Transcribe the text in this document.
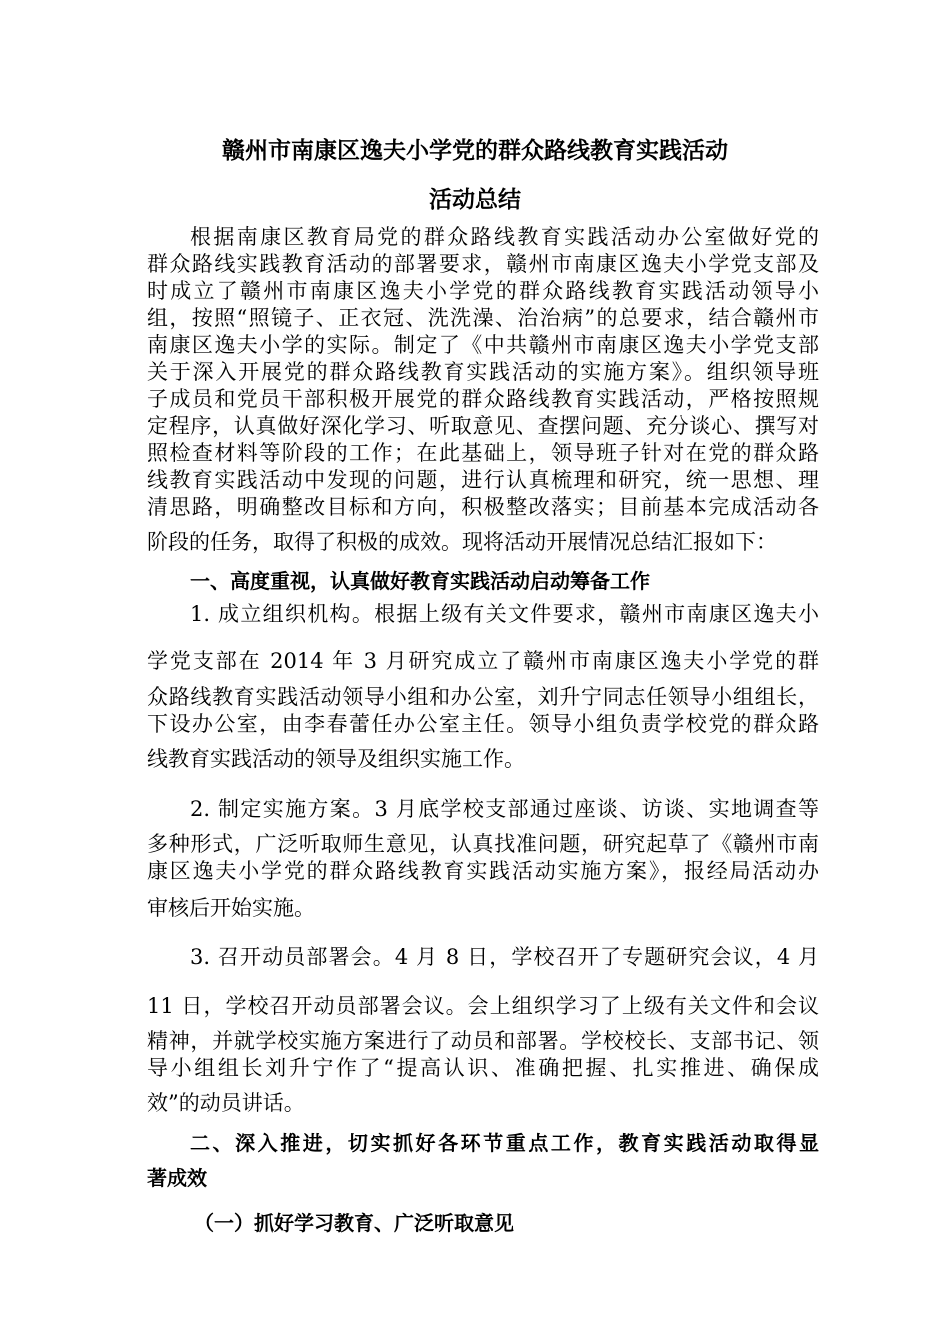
赣州市南康区逸夫小学党的群众路线教育实践活动
活动总结
根据南康区教育局党的群众路线教育实践活动办公室做好党的
群众路线实践教育活动的部署要求，赣州市南康区逸夫小学党支部及
时成立了赣州市南康区逸夫小学党的群众路线教育实践活动领导小
组，按照“照镜子、正衣冠、洗洗澡、治治病”的总要求，结合赣州市
南康区逸夫小学的实际。制定了《中共赣州市南康区逸夫小学党支部
关于深入开展党的群众路线教育实践活动的实施方案》。组织领导班
子成员和党员干部积极开展党的群众路线教育实践活动，严格按照规
定程序，认真做好深化学习、听取意见、查摆问题、充分谈心、撰写对
照检查材料等阶段的工作；在此基础上，领导班子针对在党的群众路
线教育实践活动中发现的问题，进行认真梳理和研究，统一思想、理
清思路，明确整改目标和方向，积极整改落实；目前基本完成活动各
阶段的任务，取得了积极的成效。现将活动开展情况总结汇报如下：
一、高度重视，认真做好教育实践活动启动筹备工作
1. 成立组织机构。根据上级有关文件要求，赣州市南康区逸夫小
学党支部在 2014 年 3 月研究成立了赣州市南康区逸夫小学党的群
众路线教育实践活动领导小组和办公室，刘升宁同志任领导小组组长，
下设办公室，由李春蕾任办公室主任。领导小组负责学校党的群众路
线教育实践活动的领导及组织实施工作。
2. 制定实施方案。3 月底学校支部通过座谈、访谈、实地调查等
多种形式，广泛听取师生意见，认真找准问题，研究起草了《赣州市南
康区逸夫小学党的群众路线教育实践活动实施方案》，报经局活动办
审核后开始实施。
3. 召开动员部署会。4 月 8 日，学校召开了专题研究会议，4 月
11 日，学校召开动员部署会议。会上组织学习了上级有关文件和会议
精神，并就学校实施方案进行了动员和部署。学校校长、支部书记、领
导小组组长刘升宁作了“提高认识、准确把握、扎实推进、确保成
效”的动员讲话。
二、深入推进，切实抓好各环节重点工作，教育实践活动取得显
著成效
（一）抓好学习教育、广泛听取意见
